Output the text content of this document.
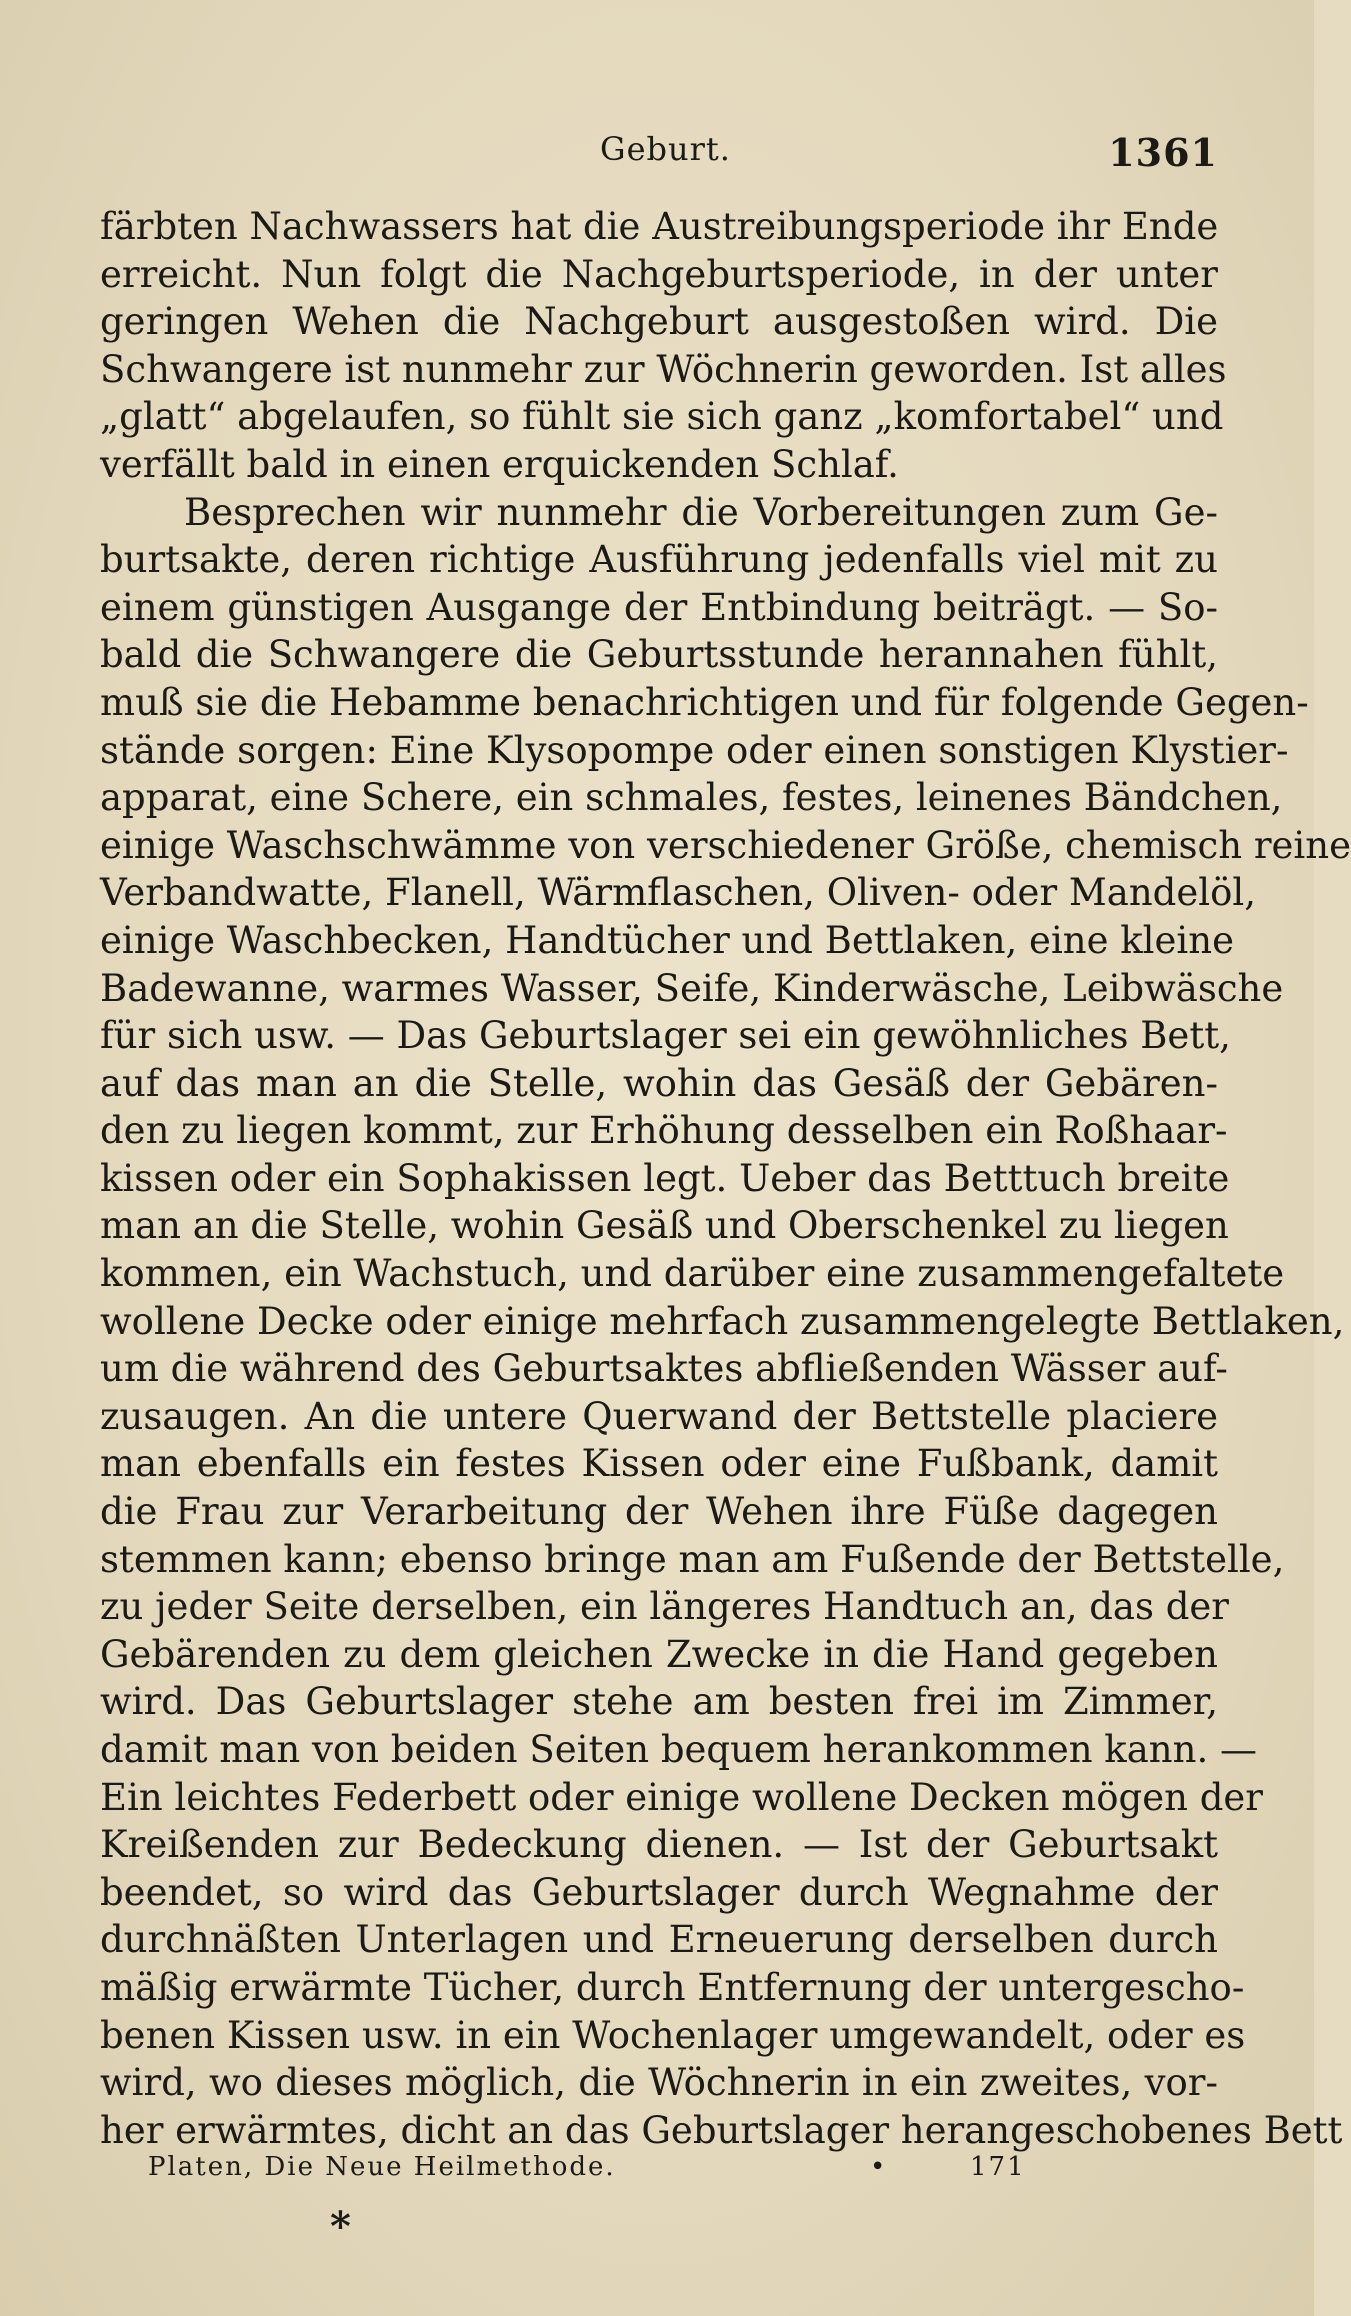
Geburt.	1361
färbten Nachwassers hat die Austreibungsperiode ihr Ende
erreicht. Nun folgt die Nachgeburtsperiode, in der unter
geringen Wehen die Nachgeburt ausgestoßen wird. Die
Schwangere ist nunmehr zur Wöchnerin geworden. Ist alles
„glatt“ abgelaufen, so fühlt sie sich ganz „komfortabel“ und
verfällt bald in einen erquickenden Schlaf.
Besprechen wir nunmehr die Vorbereitungen zum Ge-
burtsakte, deren richtige Ausführung jedenfalls viel mit zu
einem günstigen Ausgange der Entbindung beiträgt. — So-
bald die Schwangere die Geburtsstunde herannahen fühlt,
muß sie die Hebamme benachrichtigen und für folgende Gegen-
stände sorgen: Eine Klysopompe oder einen sonstigen Klystier-
apparat, eine Schere, ein schmales, festes, leinenes Bändchen,
einige Waschschwämme von verschiedener Größe, chemisch reine
Verbandwatte, Flanell, Wärmflaschen, Oliven- oder Mandelöl,
einige Waschbecken, Handtücher und Bettlaken, eine kleine
Badewanne, warmes Wasser, Seife, Kinderwäsche, Leibwäsche
für sich usw. — Das Geburtslager sei ein gewöhnliches Bett,
auf das man an die Stelle, wohin das Gesäß der Gebären-
den zu liegen kommt, zur Erhöhung desselben ein Roßhaar-
kissen oder ein Sophakissen legt. Ueber das Betttuch breite
man an die Stelle, wohin Gesäß und Oberschenkel zu liegen
kommen, ein Wachstuch, und darüber eine zusammengefaltete
wollene Decke oder einige mehrfach zusammengelegte Bettlaken,
um die während des Geburtsaktes abfließenden Wässer auf-
zusaugen. An die untere Querwand der Bettstelle placiere
man ebenfalls ein festes Kissen oder eine Fußbank, damit
die Frau zur Verarbeitung der Wehen ihre Füße dagegen
stemmen kann; ebenso bringe man am Fußende der Bettstelle,
zu jeder Seite derselben, ein längeres Handtuch an, das der
Gebärenden zu dem gleichen Zwecke in die Hand gegeben
wird. Das Geburtslager stehe am besten frei im Zimmer,
damit man von beiden Seiten bequem herankommen kann. —
Ein leichtes Federbett oder einige wollene Decken mögen der
Kreißenden zur Bedeckung dienen. — Ist der Geburtsakt
beendet, so wird das Geburtslager durch Wegnahme der
durchnäßten Unterlagen und Erneuerung derselben durch
mäßig erwärmte Tücher, durch Entfernung der untergescho-
benen Kissen usw. in ein Wochenlager umgewandelt, oder es
wird, wo dieses möglich, die Wöchnerin in ein zweites, vor-
her erwärmtes, dicht an das Geburtslager herangeschobenes Bett
Platen, Die Neue Heilmethode.	•	171
*
